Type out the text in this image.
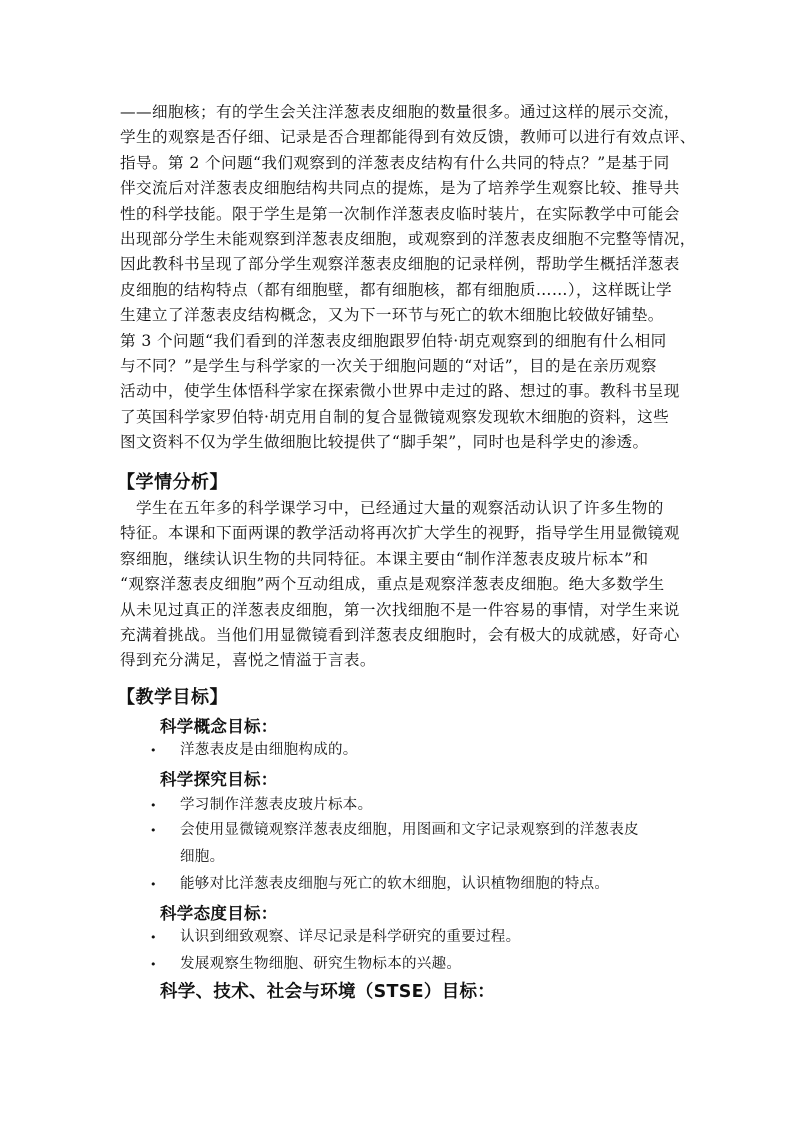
——细胞核；有的学生会关注洋葱表皮细胞的数量很多。通过这样的展示交流，
学生的观察是否仔细、记录是否合理都能得到有效反馈，教师可以进行有效点评、
指导。第 2 个问题“我们观察到的洋葱表皮结构有什么共同的特点？”是基于同
伴交流后对洋葱表皮细胞结构共同点的提炼，是为了培养学生观察比较、推导共
性的科学技能。限于学生是第一次制作洋葱表皮临时装片，在实际教学中可能会
出现部分学生未能观察到洋葱表皮细胞，或观察到的洋葱表皮细胞不完整等情况，
因此教科书呈现了部分学生观察洋葱表皮细胞的记录样例，帮助学生概括洋葱表
皮细胞的结构特点（都有细胞壁，都有细胞核，都有细胞质……），这样既让学
生建立了洋葱表皮结构概念，又为下一环节与死亡的软木细胞比较做好铺垫。
第 3 个问题“我们看到的洋葱表皮细胞跟罗伯特·胡克观察到的细胞有什么相同
与不同？”是学生与科学家的一次关于细胞问题的“对话”，目的是在亲历观察
活动中，使学生体悟科学家在探索微小世界中走过的路、想过的事。教科书呈现
了英国科学家罗伯特·胡克用自制的复合显微镜观察发现软木细胞的资料，这些
图文资料不仅为学生做细胞比较提供了“脚手架”，同时也是科学史的渗透。
【学情分析】
　学生在五年多的科学课学习中，已经通过大量的观察活动认识了许多生物的
特征。本课和下面两课的教学活动将再次扩大学生的视野，指导学生用显微镜观
察细胞，继续认识生物的共同特征。本课主要由“制作洋葱表皮玻片标本”和
“观察洋葱表皮细胞”两个互动组成，重点是观察洋葱表皮细胞。绝大多数学生
从未见过真正的洋葱表皮细胞，第一次找细胞不是一件容易的事情，对学生来说
充满着挑战。当他们用显微镜看到洋葱表皮细胞时，会有极大的成就感，好奇心
得到充分满足，喜悦之情溢于言表。
【教学目标】
科学概念目标：
•	洋葱表皮是由细胞构成的。
科学探究目标：
•	学习制作洋葱表皮玻片标本。
• 会使用显微镜观察洋葱表皮细胞，用图画和文字记录观察到的洋葱表皮
细胞。
•	能够对比洋葱表皮细胞与死亡的软木细胞，认识植物细胞的特点。
科学态度目标：
•	认识到细致观察、详尽记录是科学研究的重要过程。
•	发展观察生物细胞、研究生物标本的兴趣。
科学、技术、社会与环境（STSE）目标：
